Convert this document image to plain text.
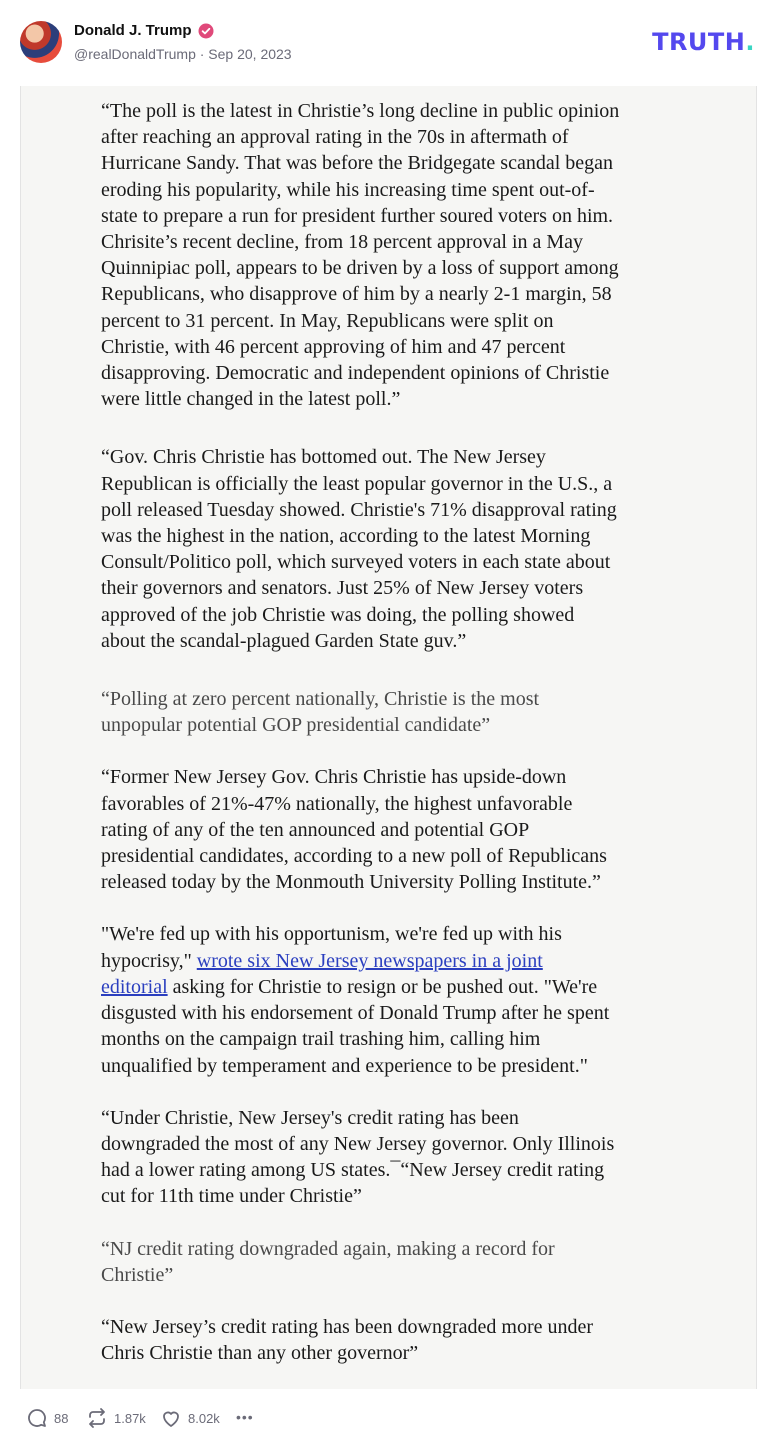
Donald J. Trump
@realDonaldTrump · Sep 20, 2023	TRUTH.

“The poll is the latest in Christie’s long decline in public opinion
after reaching an approval rating in the 70s in aftermath of
Hurricane Sandy. That was before the Bridgegate scandal began
eroding his popularity, while his increasing time spent out-of-
state to prepare a run for president further soured voters on him.
Chrisite’s recent decline, from 18 percent approval in a May
Quinnipiac poll, appears to be driven by a loss of support among
Republicans, who disapprove of him by a nearly 2-1 margin, 58
percent to 31 percent. In May, Republicans were split on
Christie, with 46 percent approving of him and 47 percent
disapproving. Democratic and independent opinions of Christie
were little changed in the latest poll.”

“Gov. Chris Christie has bottomed out. The New Jersey
Republican is officially the least popular governor in the U.S., a
poll released Tuesday showed. Christie's 71% disapproval rating
was the highest in the nation, according to the latest Morning
Consult/Politico poll, which surveyed voters in each state about
their governors and senators. Just 25% of New Jersey voters
approved of the job Christie was doing, the polling showed
about the scandal-plagued Garden State guv.”

“Polling at zero percent nationally, Christie is the most
unpopular potential GOP presidential candidate”

“Former New Jersey Gov. Chris Christie has upside-down
favorables of 21%-47% nationally, the highest unfavorable
rating of any of the ten announced and potential GOP
presidential candidates, according to a new poll of Republicans
released today by the Monmouth University Polling Institute.”

"We're fed up with his opportunism, we're fed up with his
hypocrisy," wrote six New Jersey newspapers in a joint
editorial asking for Christie to resign or be pushed out. "We're
disgusted with his endorsement of Donald Trump after he spent
months on the campaign trail trashing him, calling him
unqualified by temperament and experience to be president."

“Under Christie, New Jersey's credit rating has been
downgraded the most of any New Jersey governor. Only Illinois
had a lower rating among US states.¯“New Jersey credit rating
cut for 11th time under Christie”

“NJ credit rating downgraded again, making a record for
Christie”

“New Jersey’s credit rating has been downgraded more under
Chris Christie than any other governor”

88	1.87k	8.02k •••
